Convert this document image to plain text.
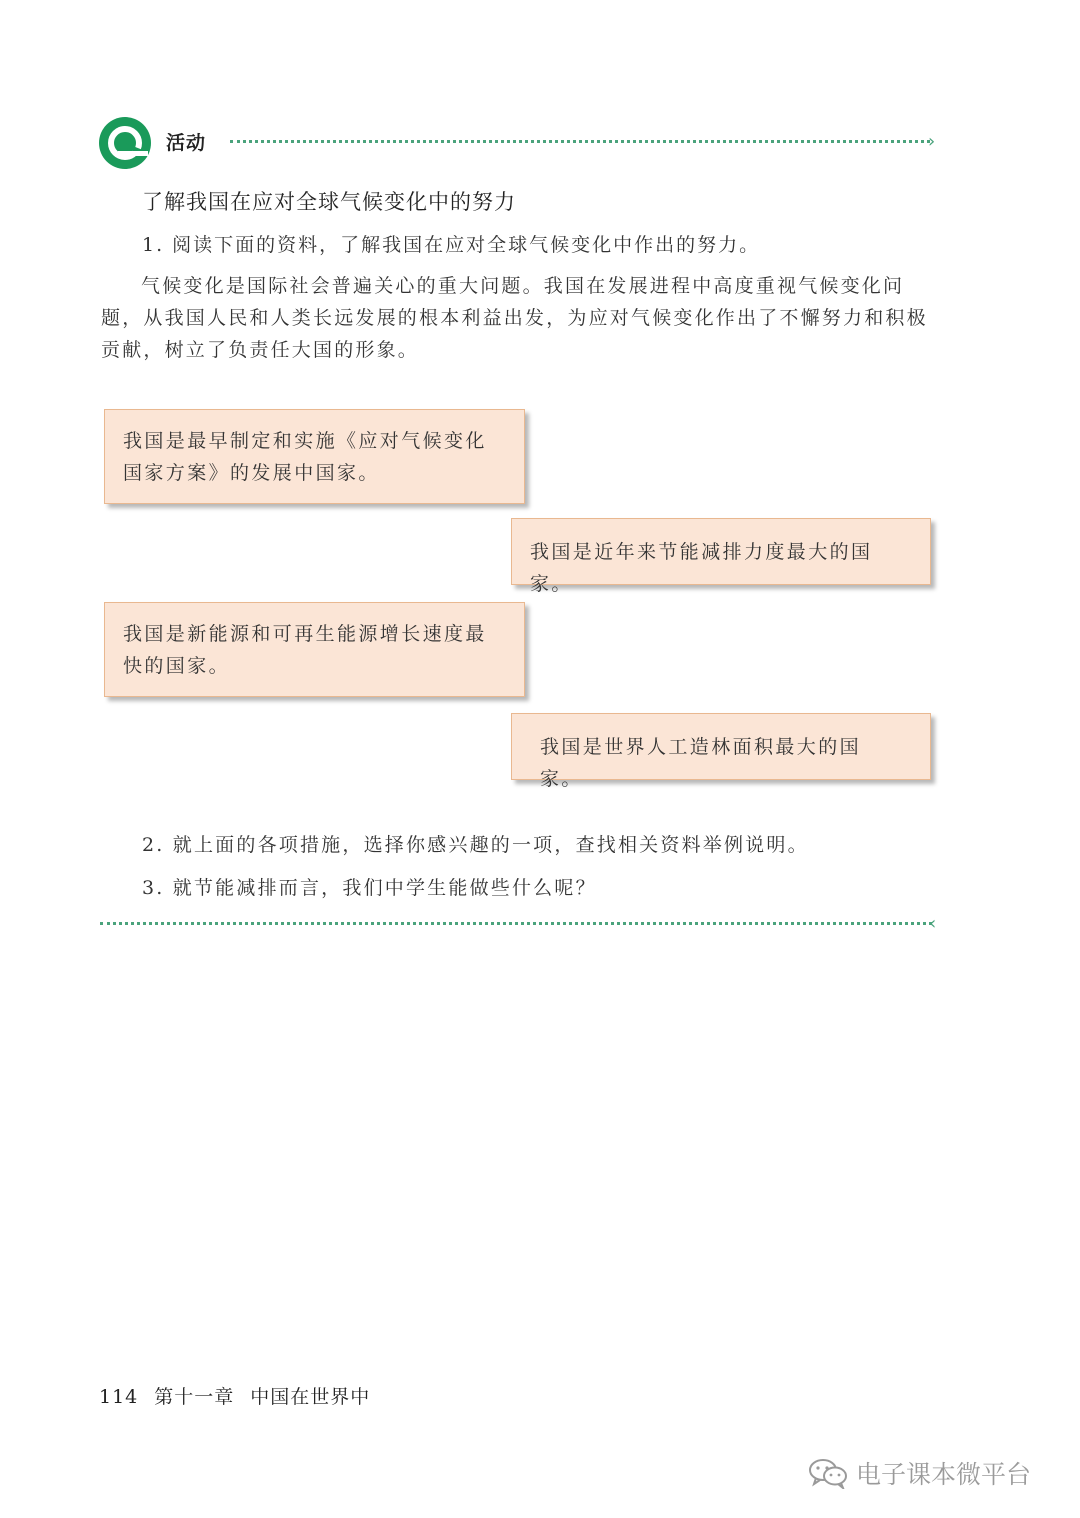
活动	›
了解我国在应对全球气候变化中的努力
1. 阅读下面的资料，了解我国在应对全球气候变化中作出的努力。
气候变化是国际社会普遍关心的重大问题。我国在发展进程中高度重视气候变化问题，从我国人民和人类长远发展的根本利益出发，为应对气候变化作出了不懈努力和积极贡献，树立了负责任大国的形象。
我国是最早制定和实施《应对气候变化国家方案》的发展中国家。
我国是近年来节能减排力度最大的国家。
我国是新能源和可再生能源增长速度最快的国家。
我国是世界人工造林面积最大的国家。
2. 就上面的各项措施，选择你感兴趣的一项，查找相关资料举例说明。
3. 就节能减排而言，我们中学生能做些什么呢？
‹
114 第十一章 中国在世界中
电子课本微平台
